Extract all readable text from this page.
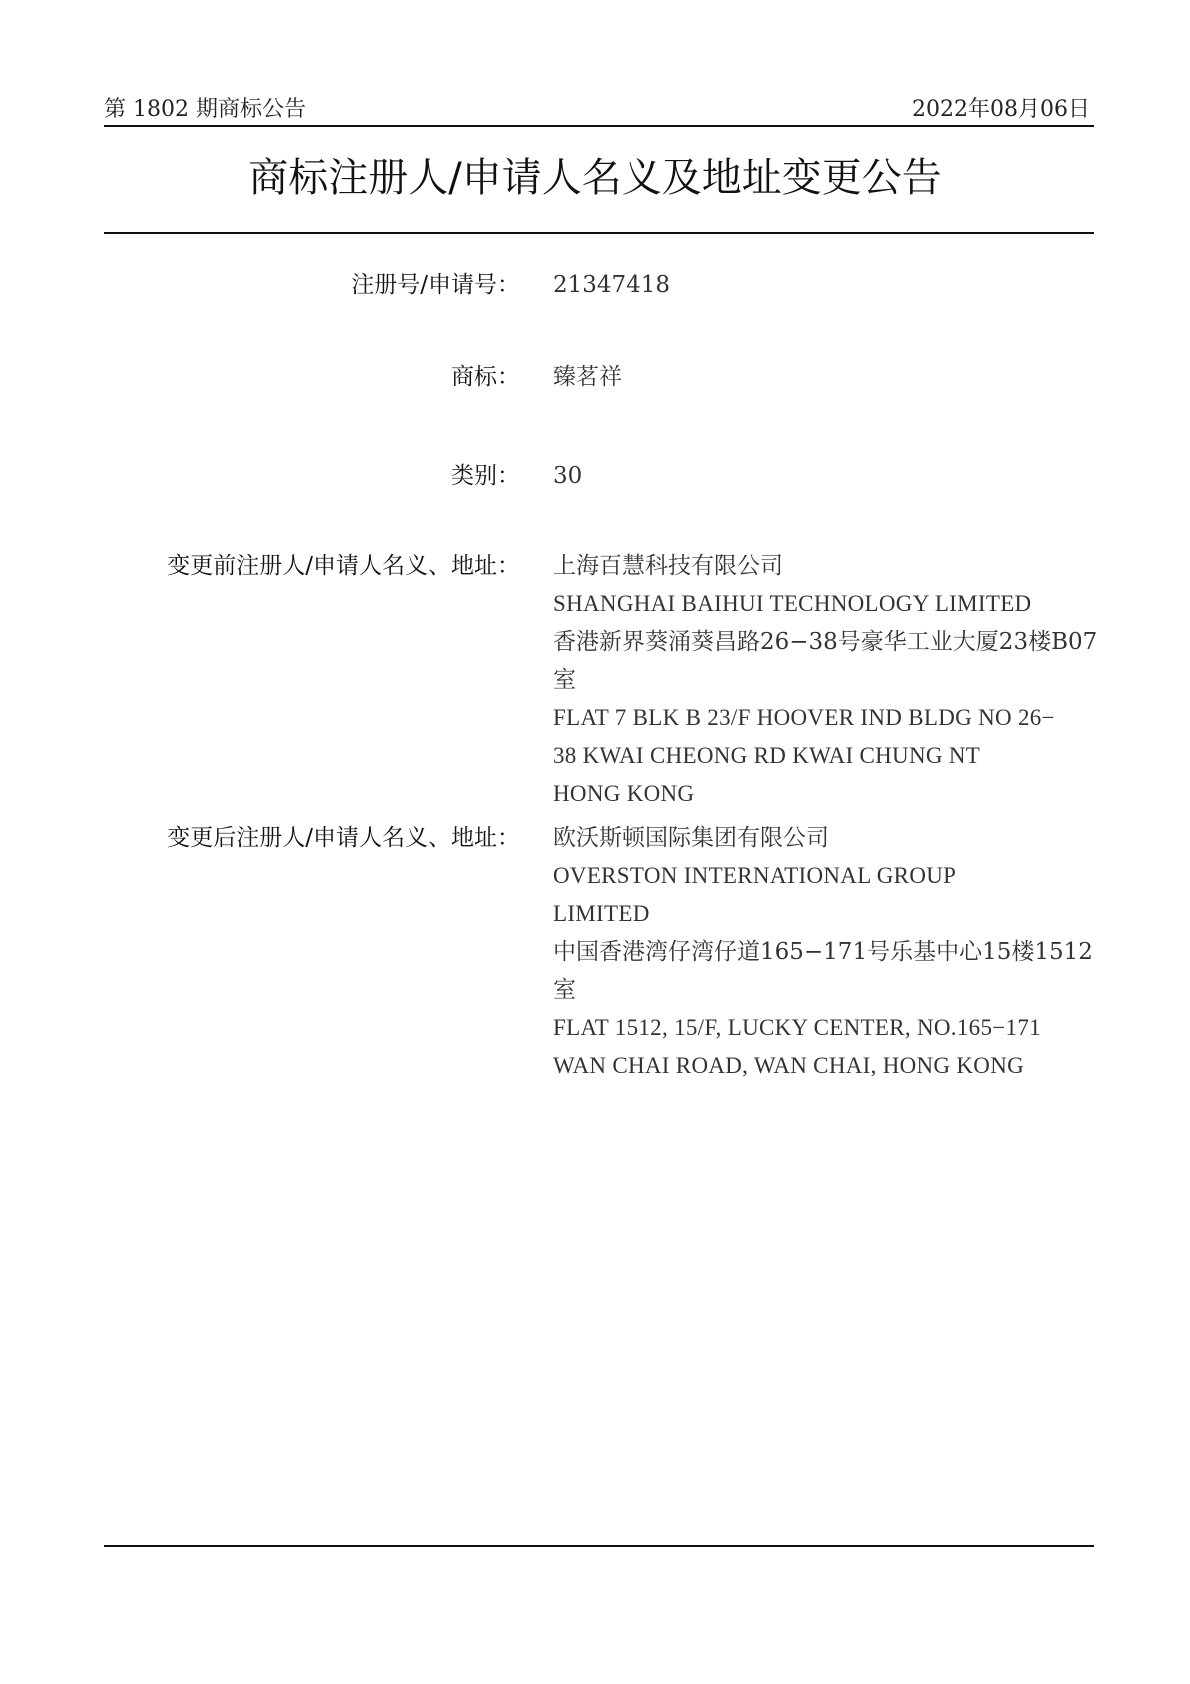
第 1802 期商标公告	2022年08月06日
商标注册人/申请人名义及地址变更公告
注册号/申请号： 21347418
商标： 臻茗祥
类别： 30
变更前注册人/申请人名义、地址： 上海百慧科技有限公司
SHANGHAI BAIHUI TECHNOLOGY LIMITED
香港新界葵涌葵昌路26−38号豪华工业大厦23楼B07
室
FLAT 7 BLK B 23/F HOOVER IND BLDG NO 26−
38 KWAI CHEONG RD KWAI CHUNG NT
HONG KONG
变更后注册人/申请人名义、地址： 欧沃斯顿国际集团有限公司
OVERSTON INTERNATIONAL GROUP
LIMITED
中国香港湾仔湾仔道165−171号乐基中心15楼1512
室
FLAT 1512, 15/F, LUCKY CENTER, NO.165−171
WAN CHAI ROAD, WAN CHAI, HONG KONG
